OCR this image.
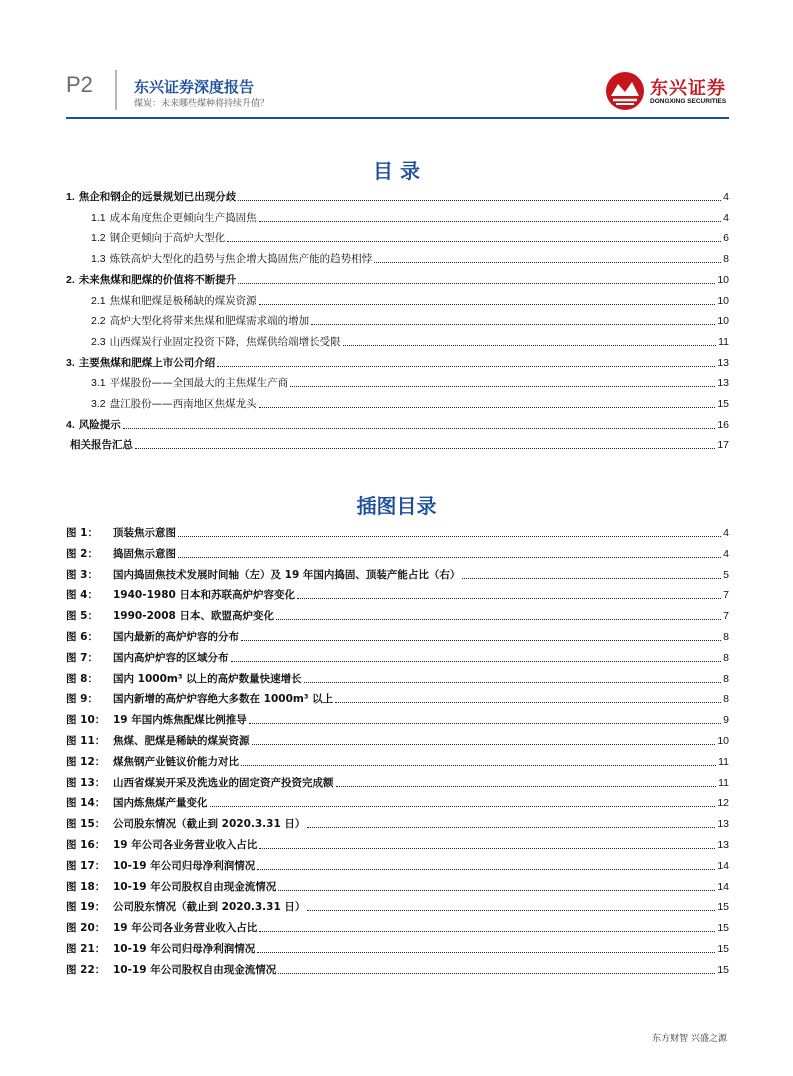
P2	东兴证券深度报告
煤炭：未来哪些煤种将持续升值？
东兴证券
DONGXING SECURITIES
目 录
1. 焦企和钢企的远景规划已出现分歧	4
1.1 成本角度焦企更倾向生产捣固焦	4
1.2 钢企更倾向于高炉大型化	6
1.3 炼铁高炉大型化的趋势与焦企增大捣固焦产能的趋势相悖	8
2. 未来焦煤和肥煤的价值将不断提升	10
2.1 焦煤和肥煤是极稀缺的煤炭资源	10
2.2 高炉大型化将带来焦煤和肥煤需求端的增加	10
2.3 山西煤炭行业固定投资下降，焦煤供给端增长受限	11
3. 主要焦煤和肥煤上市公司介绍	13
3.1 平煤股份——全国最大的主焦煤生产商	13
3.2 盘江股份——西南地区焦煤龙头	15
4. 风险提示	16
相关报告汇总	17
插图目录
图 1： 顶装焦示意图	4
图 2： 捣固焦示意图	4
图 3： 国内捣固焦技术发展时间轴（左）及 19 年国内捣固、顶装产能占比（右）	5
图 4： 1940-1980 日本和苏联高炉炉容变化	7
图 5： 1990-2008 日本、欧盟高炉变化	7
图 6： 国内最新的高炉炉容的分布	8
图 7： 国内高炉炉容的区域分布	8
图 8： 国内 1000m³ 以上的高炉数量快速增长	8
图 9： 国内新增的高炉炉容绝大多数在 1000m³ 以上	8
图 10： 19 年国内炼焦配煤比例推导	9
图 11： 焦煤、肥煤是稀缺的煤炭资源	10
图 12： 煤焦钢产业链议价能力对比	11
图 13： 山西省煤炭开采及洗选业的固定资产投资完成额	11
图 14： 国内炼焦煤产量变化	12
图 15： 公司股东情况（截止到 2020.3.31 日）	13
图 16： 19 年公司各业务营业收入占比	13
图 17： 10-19 年公司归母净利润情况	14
图 18： 10-19 年公司股权自由现金流情况	14
图 19： 公司股东情况（截止到 2020.3.31 日）	15
图 20： 19 年公司各业务营业收入占比	15
图 21： 10-19 年公司归母净利润情况	15
图 22： 10-19 年公司股权自由现金流情况	15
东方财智 兴盛之源
